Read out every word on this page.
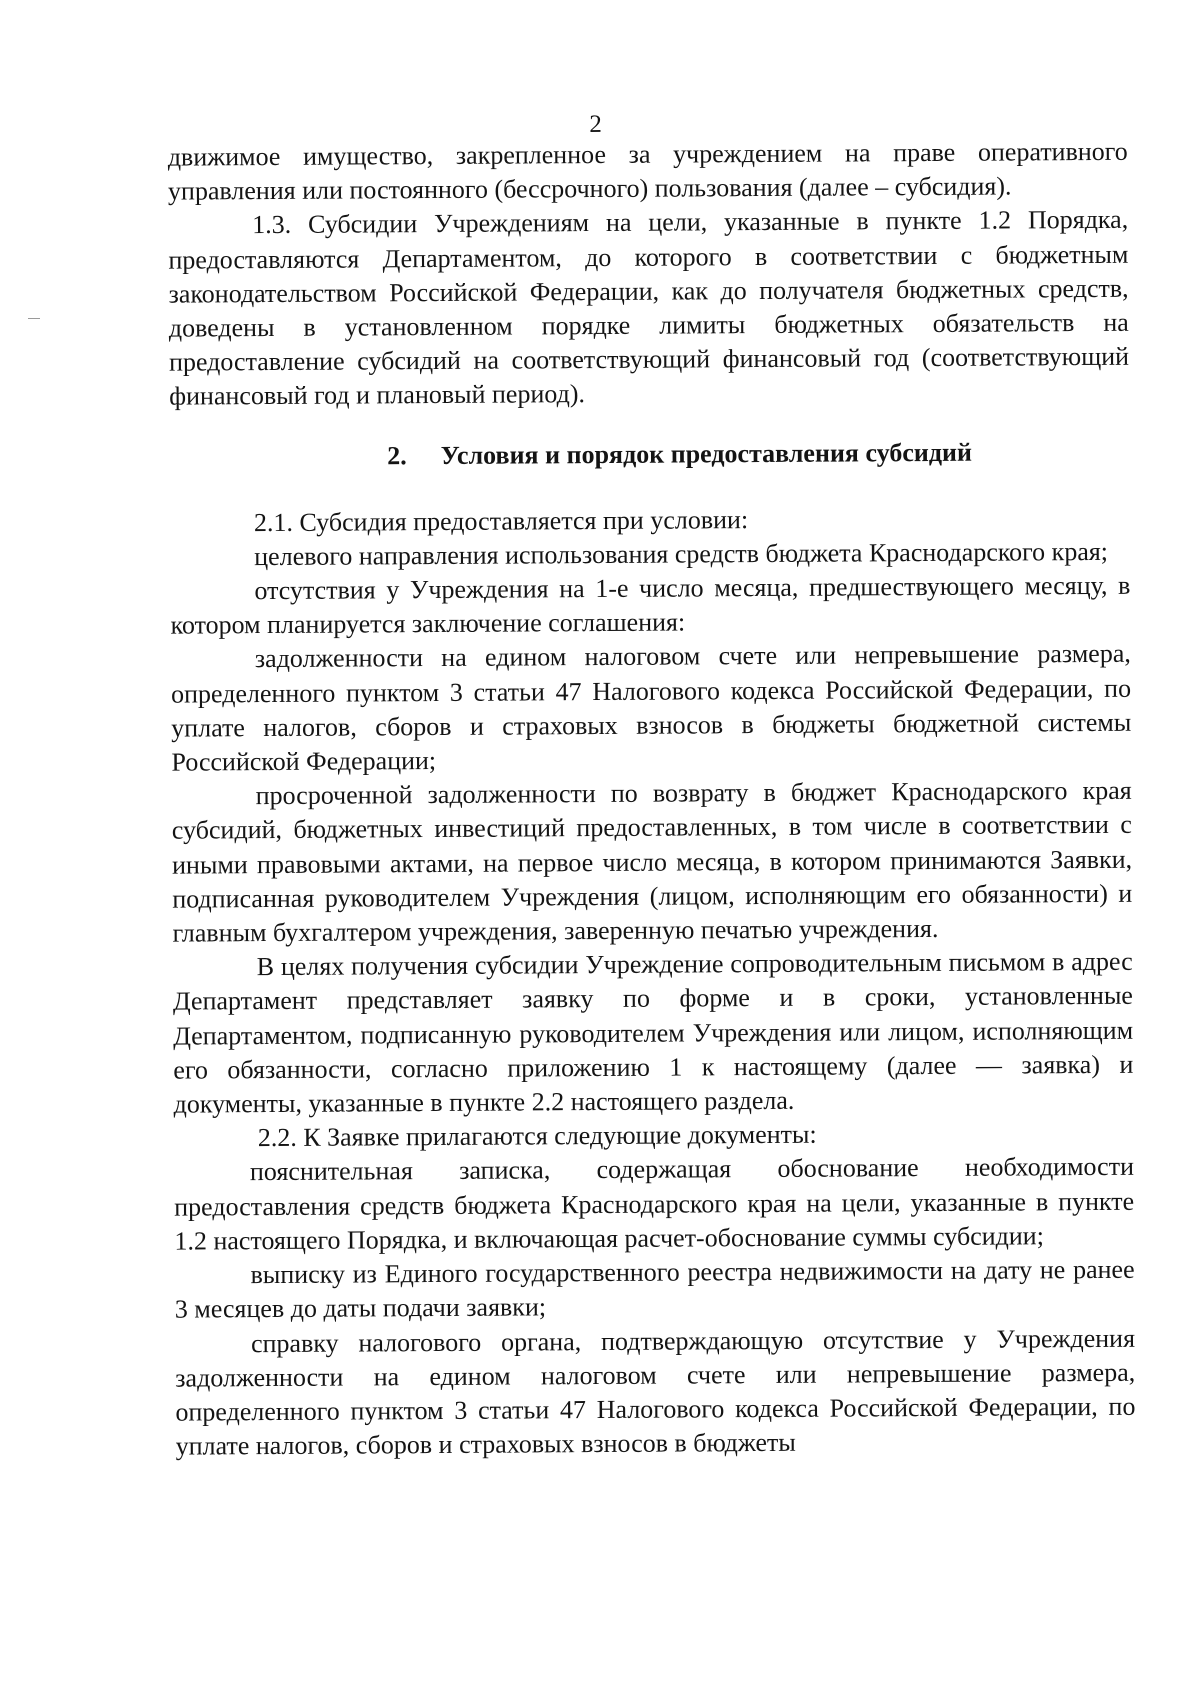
2

движимое имущество, закрепленное за учреждением на праве оперативного управления или постоянного (бессрочного) пользования (далее – субсидия).

1.3. Субсидии Учреждениям на цели, указанные в пункте 1.2 Порядка, предоставляются Департаментом, до которого в соответствии с бюджетным законодательством Российской Федерации, как до получателя бюджетных средств, доведены в установленном порядке лимиты бюджетных обязательств на предоставление субсидий на соответствующий финансовый год (соответствующий финансовый год и плановый период).

2. Условия и порядок предоставления субсидий

2.1. Субсидия предоставляется при условии:

целевого направления использования средств бюджета Краснодарского края;

отсутствия у Учреждения на 1-е число месяца, предшествующего месяцу, в котором планируется заключение соглашения:

задолженности на едином налоговом счете или непревышение размера, определенного пунктом 3 статьи 47 Налогового кодекса Российской Федерации, по уплате налогов, сборов и страховых взносов в бюджеты бюджетной системы Российской Федерации;

просроченной задолженности по возврату в бюджет Краснодарского края субсидий, бюджетных инвестиций предоставленных, в том числе в соответствии с иными правовыми актами, на первое число месяца, в котором принимаются Заявки, подписанная руководителем Учреждения (лицом, исполняющим его обязанности) и главным бухгалтером учреждения, заверенную печатью учреждения.

В целях получения субсидии Учреждение сопроводительным письмом в адрес Департамент представляет заявку по форме и в сроки, установленные Департаментом, подписанную руководителем Учреждения или лицом, исполняющим его обязанности, согласно приложению 1 к настоящему (далее — заявка) и документы, указанные в пункте 2.2 настоящего раздела.

2.2. К Заявке прилагаются следующие документы:

пояснительная записка, содержащая обоснование необходимости предоставления средств бюджета Краснодарского края на цели, указанные в пункте 1.2 настоящего Порядка, и включающая расчет-обоснование суммы субсидии;

выписку из Единого государственного реестра недвижимости на дату не ранее 3 месяцев до даты подачи заявки;

справку налогового органа, подтверждающую отсутствие у Учреждения задолженности на едином налоговом счете или непревышение размера, определенного пунктом 3 статьи 47 Налогового кодекса Российской Федерации, по уплате налогов, сборов и страховых взносов в бюджеты
